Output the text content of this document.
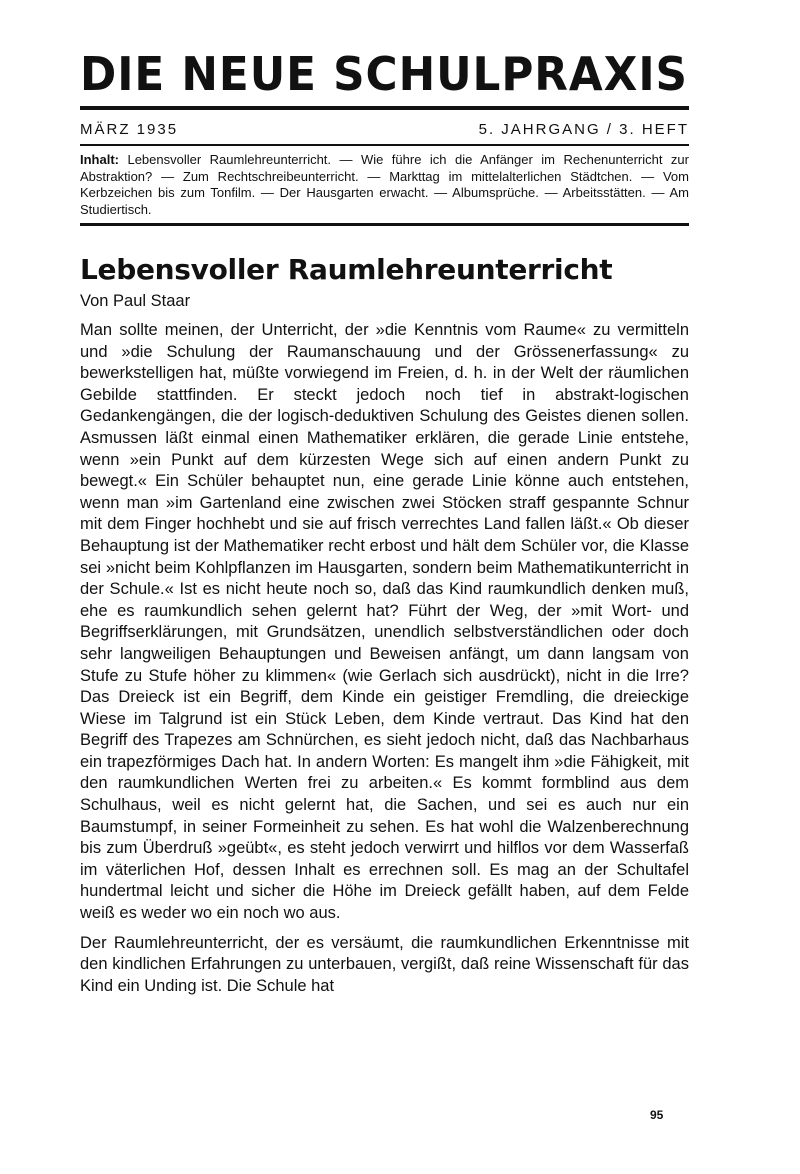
DIE NEUE SCHULPRAXIS
MÄRZ 1935	5. JAHRGANG / 3. HEFT
Inhalt: Lebensvoller Raumlehreunterricht. — Wie führe ich die Anfänger im Rechenunterricht zur Abstraktion? — Zum Rechtschreibeunterricht. — Markttag im mittelalterlichen Städtchen. — Vom Kerbzeichen bis zum Tonfilm. — Der Hausgarten erwacht. — Albumsprüche. — Arbeitsstätten. — Am Studiertisch.
Lebensvoller Raumlehreunterricht
Von Paul Staar

Man sollte meinen, der Unterricht, der »die Kenntnis vom Raume« zu vermitteln und »die Schulung der Raumanschauung und der Grössenerfassung« zu bewerkstelligen hat, müßte vorwiegend im Freien, d. h. in der Welt der räumlichen Gebilde stattfinden. Er steckt jedoch noch tief in abstrakt-logischen Gedankengängen, die der logisch-deduktiven Schulung des Geistes dienen sollen. Asmussen läßt einmal einen Mathematiker erklären, die gerade Linie entstehe, wenn »ein Punkt auf dem kürzesten Wege sich auf einen andern Punkt zu bewegt.« Ein Schüler behauptet nun, eine gerade Linie könne auch entstehen, wenn man »im Gartenland eine zwischen zwei Stöcken straff gespannte Schnur mit dem Finger hochhebt und sie auf frisch verrechtes Land fallen läßt.« Ob dieser Behauptung ist der Mathematiker recht erbost und hält dem Schüler vor, die Klasse sei »nicht beim Kohlpflanzen im Hausgarten, sondern beim Mathematikunterricht in der Schule.« Ist es nicht heute noch so, daß das Kind raumkundlich denken muß, ehe es raumkundlich sehen gelernt hat? Führt der Weg, der »mit Wort- und Begriffserklärungen, mit Grundsätzen, unendlich selbstverständlichen oder doch sehr langweiligen Behauptungen und Beweisen anfängt, um dann langsam von Stufe zu Stufe höher zu klimmen« (wie Gerlach sich ausdrückt), nicht in die Irre? Das Dreieck ist ein Begriff, dem Kinde ein geistiger Fremdling, die dreieckige Wiese im Talgrund ist ein Stück Leben, dem Kinde vertraut. Das Kind hat den Begriff des Trapezes am Schnürchen, es sieht jedoch nicht, daß das Nachbarhaus ein trapezförmiges Dach hat. In andern Worten: Es mangelt ihm »die Fähigkeit, mit den raumkundlichen Werten frei zu arbeiten.« Es kommt formblind aus dem Schulhaus, weil es nicht gelernt hat, die Sachen, und sei es auch nur ein Baumstumpf, in seiner Formeinheit zu sehen. Es hat wohl die Walzenberechnung bis zum Überdruß »geübt«, es steht jedoch verwirrt und hilflos vor dem Wasserfaß im väterlichen Hof, dessen Inhalt es errechnen soll. Es mag an der Schultafel hundertmal leicht und sicher die Höhe im Dreieck gefällt haben, auf dem Felde weiß es weder wo ein noch wo aus.

Der Raumlehreunterricht, der es versäumt, die raumkundlichen Erkenntnisse mit den kindlichen Erfahrungen zu unterbauen, vergißt, daß reine Wissenschaft für das Kind ein Unding ist. Die Schule hat

95
